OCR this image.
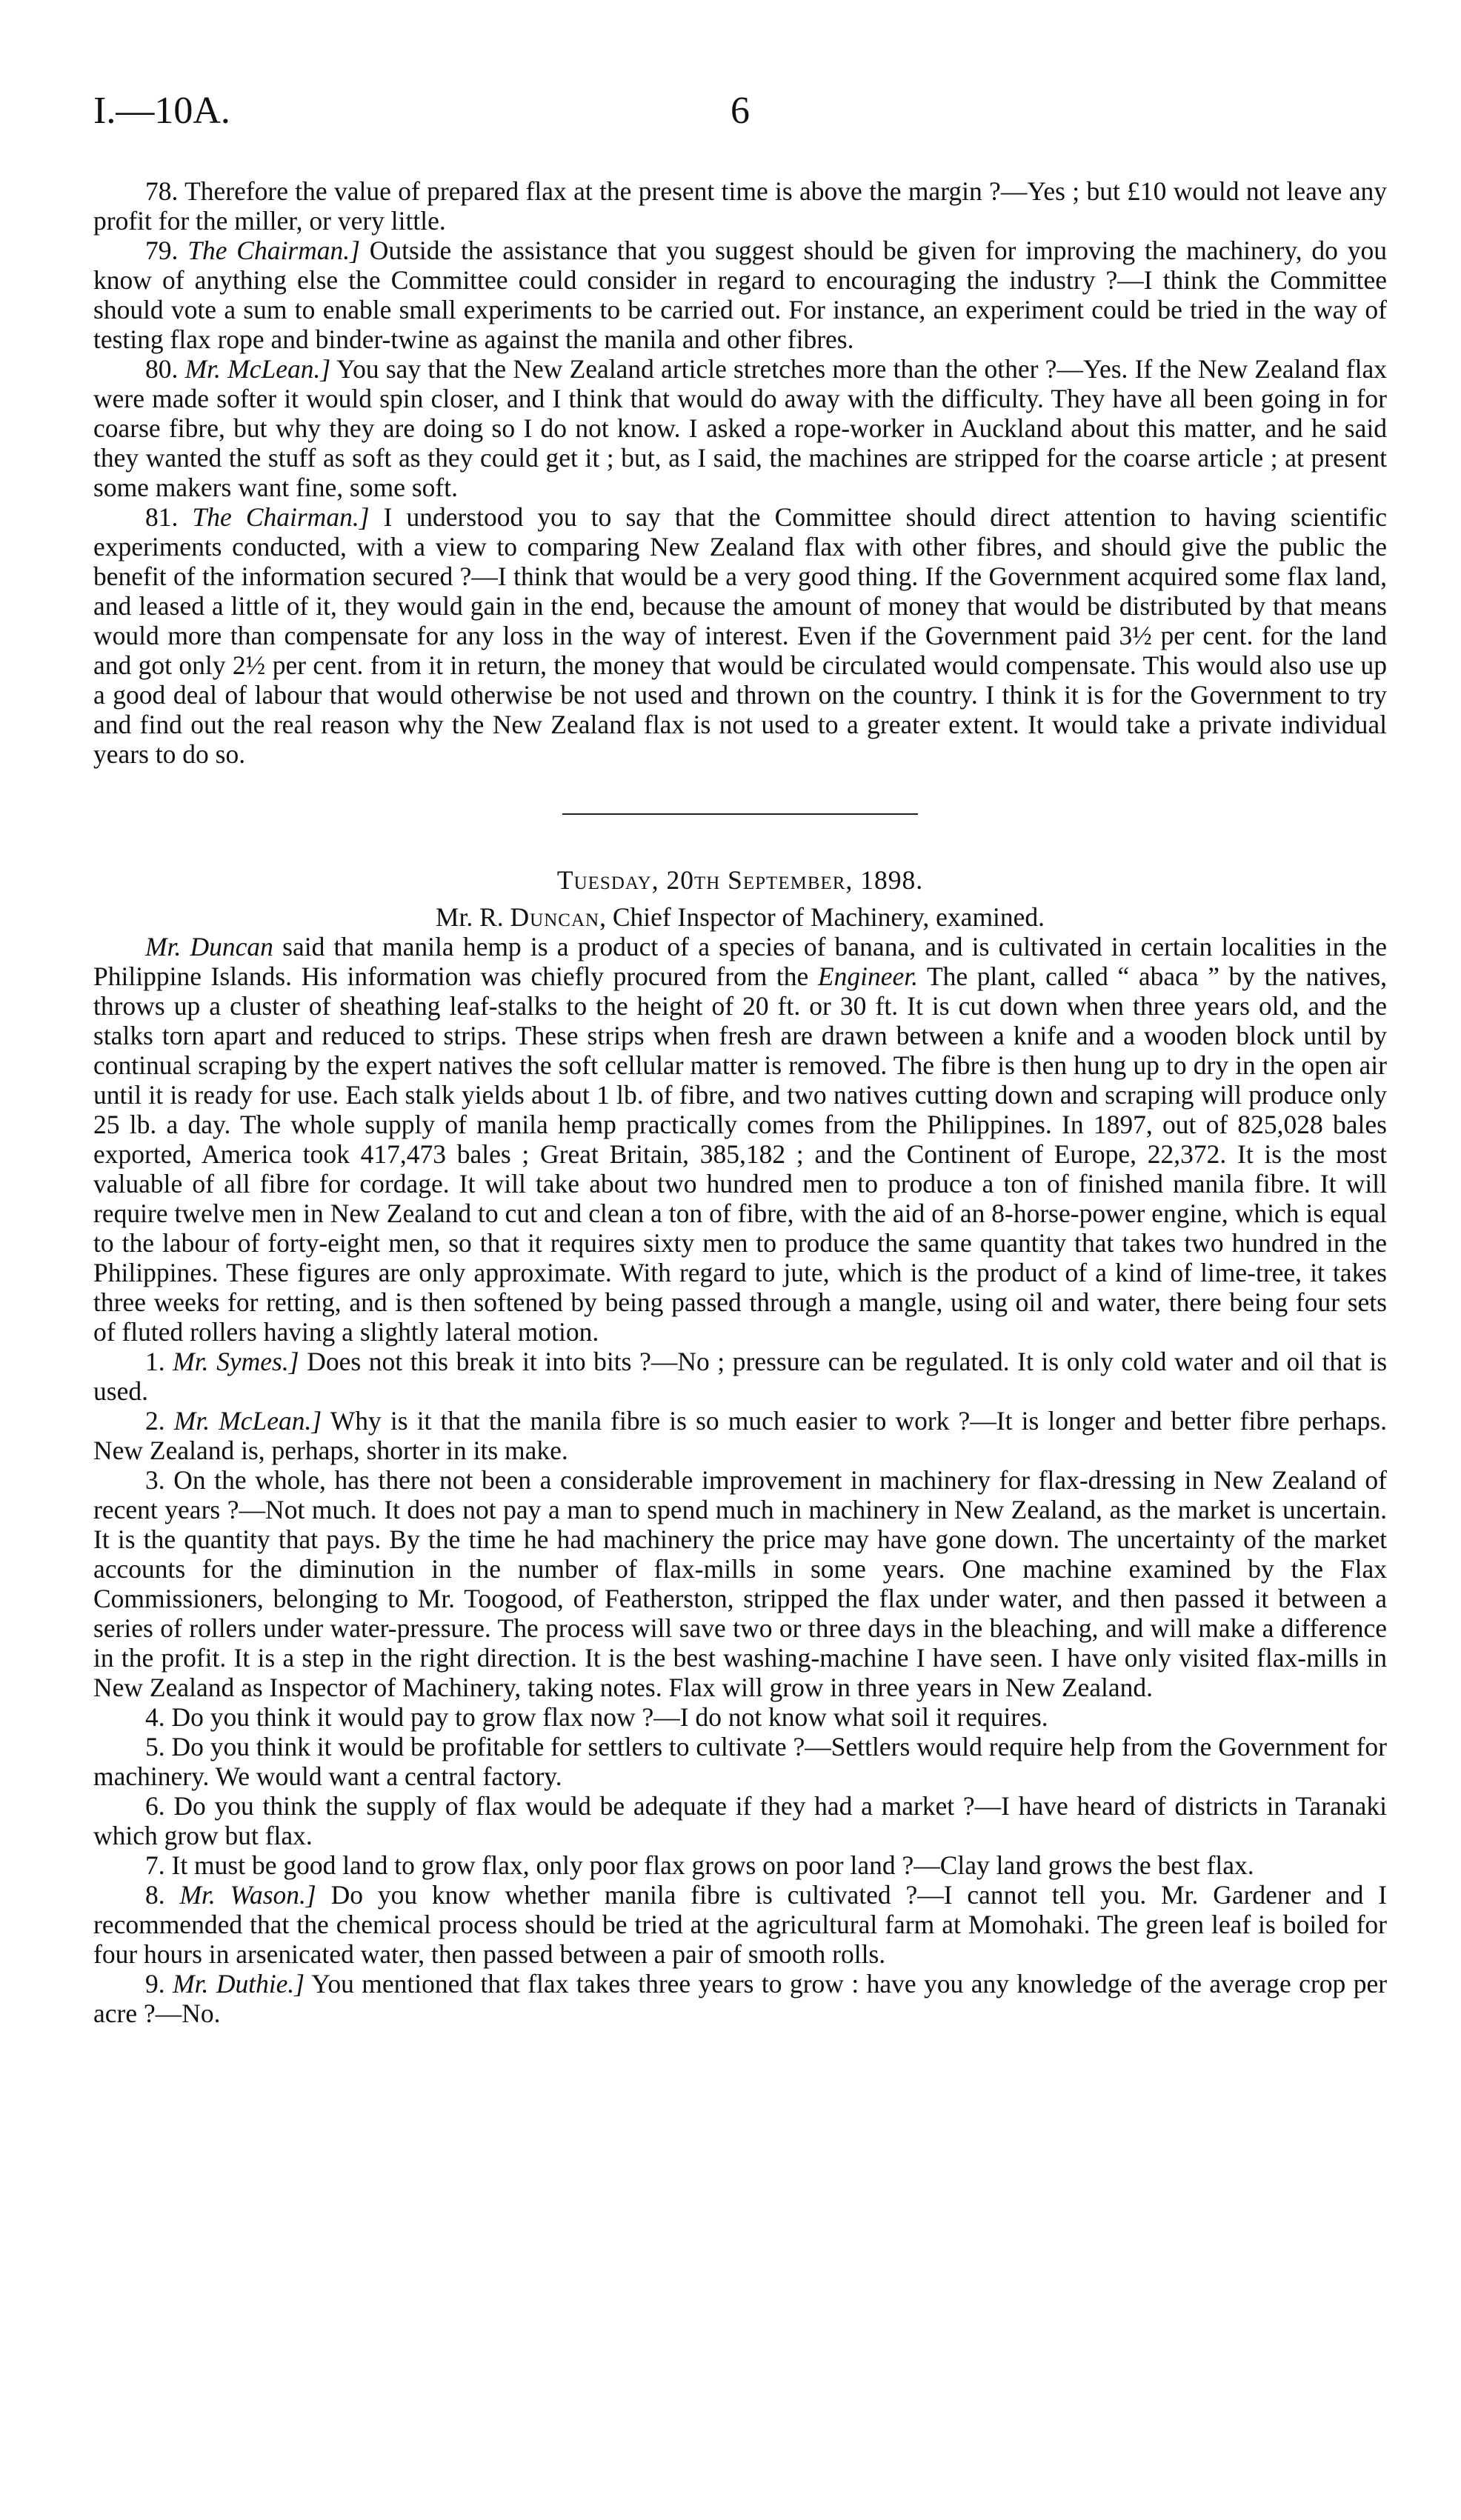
I.—10A.	6

78. Therefore the value of prepared flax at the present time is above the margin ?—Yes ; but £10 would not leave any profit for the miller, or very little.

79. The Chairman.] Outside the assistance that you suggest should be given for improving the machinery, do you know of anything else the Committee could consider in regard to encouraging the industry ?—I think the Committee should vote a sum to enable small experiments to be carried out. For instance, an experiment could be tried in the way of testing flax rope and binder-twine as against the manila and other fibres.

80. Mr. McLean.] You say that the New Zealand article stretches more than the other ?—Yes. If the New Zealand flax were made softer it would spin closer, and I think that would do away with the difficulty. They have all been going in for coarse fibre, but why they are doing so I do not know. I asked a rope-worker in Auckland about this matter, and he said they wanted the stuff as soft as they could get it ; but, as I said, the machines are stripped for the coarse article ; at present some makers want fine, some soft.

81. The Chairman.] I understood you to say that the Committee should direct attention to having scientific experiments conducted, with a view to comparing New Zealand flax with other fibres, and should give the public the benefit of the information secured ?—I think that would be a very good thing. If the Government acquired some flax land, and leased a little of it, they would gain in the end, because the amount of money that would be distributed by that means would more than compensate for any loss in the way of interest. Even if the Government paid 3½ per cent. for the land and got only 2½ per cent. from it in return, the money that would be circulated would compensate. This would also use up a good deal of labour that would otherwise be not used and thrown on the country. I think it is for the Government to try and find out the real reason why the New Zealand flax is not used to a greater extent. It would take a private individual years to do so.

Tuesday, 20th September, 1898.

Mr. R. Duncan, Chief Inspector of Machinery, examined.

Mr. Duncan said that manila hemp is a product of a species of banana, and is cultivated in certain localities in the Philippine Islands. His information was chiefly procured from the Engineer. The plant, called “ abaca ” by the natives, throws up a cluster of sheathing leaf-stalks to the height of 20 ft. or 30 ft. It is cut down when three years old, and the stalks torn apart and reduced to strips. These strips when fresh are drawn between a knife and a wooden block until by continual scraping by the expert natives the soft cellular matter is removed. The fibre is then hung up to dry in the open air until it is ready for use. Each stalk yields about 1 lb. of fibre, and two natives cutting down and scraping will produce only 25 lb. a day. The whole supply of manila hemp practically comes from the Philippines. In 1897, out of 825,028 bales exported, America took 417,473 bales ; Great Britain, 385,182 ; and the Continent of Europe, 22,372. It is the most valuable of all fibre for cordage. It will take about two hundred men to produce a ton of finished manila fibre. It will require twelve men in New Zealand to cut and clean a ton of fibre, with the aid of an 8-horse-power engine, which is equal to the labour of forty-eight men, so that it requires sixty men to produce the same quantity that takes two hundred in the Philippines. These figures are only approximate. With regard to jute, which is the product of a kind of lime-tree, it takes three weeks for retting, and is then softened by being passed through a mangle, using oil and water, there being four sets of fluted rollers having a slightly lateral motion.

1. Mr. Symes.] Does not this break it into bits ?—No ; pressure can be regulated. It is only cold water and oil that is used.

2. Mr. McLean.] Why is it that the manila fibre is so much easier to work ?—It is longer and better fibre perhaps. New Zealand is, perhaps, shorter in its make.

3. On the whole, has there not been a considerable improvement in machinery for flax-dressing in New Zealand of recent years ?—Not much. It does not pay a man to spend much in machinery in New Zealand, as the market is uncertain. It is the quantity that pays. By the time he had machinery the price may have gone down. The uncertainty of the market accounts for the diminution in the number of flax-mills in some years. One machine examined by the Flax Commissioners, belonging to Mr. Toogood, of Featherston, stripped the flax under water, and then passed it between a series of rollers under water-pressure. The process will save two or three days in the bleaching, and will make a difference in the profit. It is a step in the right direction. It is the best washing-machine I have seen. I have only visited flax-mills in New Zealand as Inspector of Machinery, taking notes. Flax will grow in three years in New Zealand.

4. Do you think it would pay to grow flax now ?—I do not know what soil it requires.

5. Do you think it would be profitable for settlers to cultivate ?—Settlers would require help from the Government for machinery. We would want a central factory.

6. Do you think the supply of flax would be adequate if they had a market ?—I have heard of districts in Taranaki which grow but flax.

7. It must be good land to grow flax, only poor flax grows on poor land ?—Clay land grows the best flax.

8. Mr. Wason.] Do you know whether manila fibre is cultivated ?—I cannot tell you. Mr. Gardener and I recommended that the chemical process should be tried at the agricultural farm at Momohaki. The green leaf is boiled for four hours in arsenicated water, then passed between a pair of smooth rolls.

9. Mr. Duthie.] You mentioned that flax takes three years to grow : have you any knowledge of the average crop per acre ?—No.
